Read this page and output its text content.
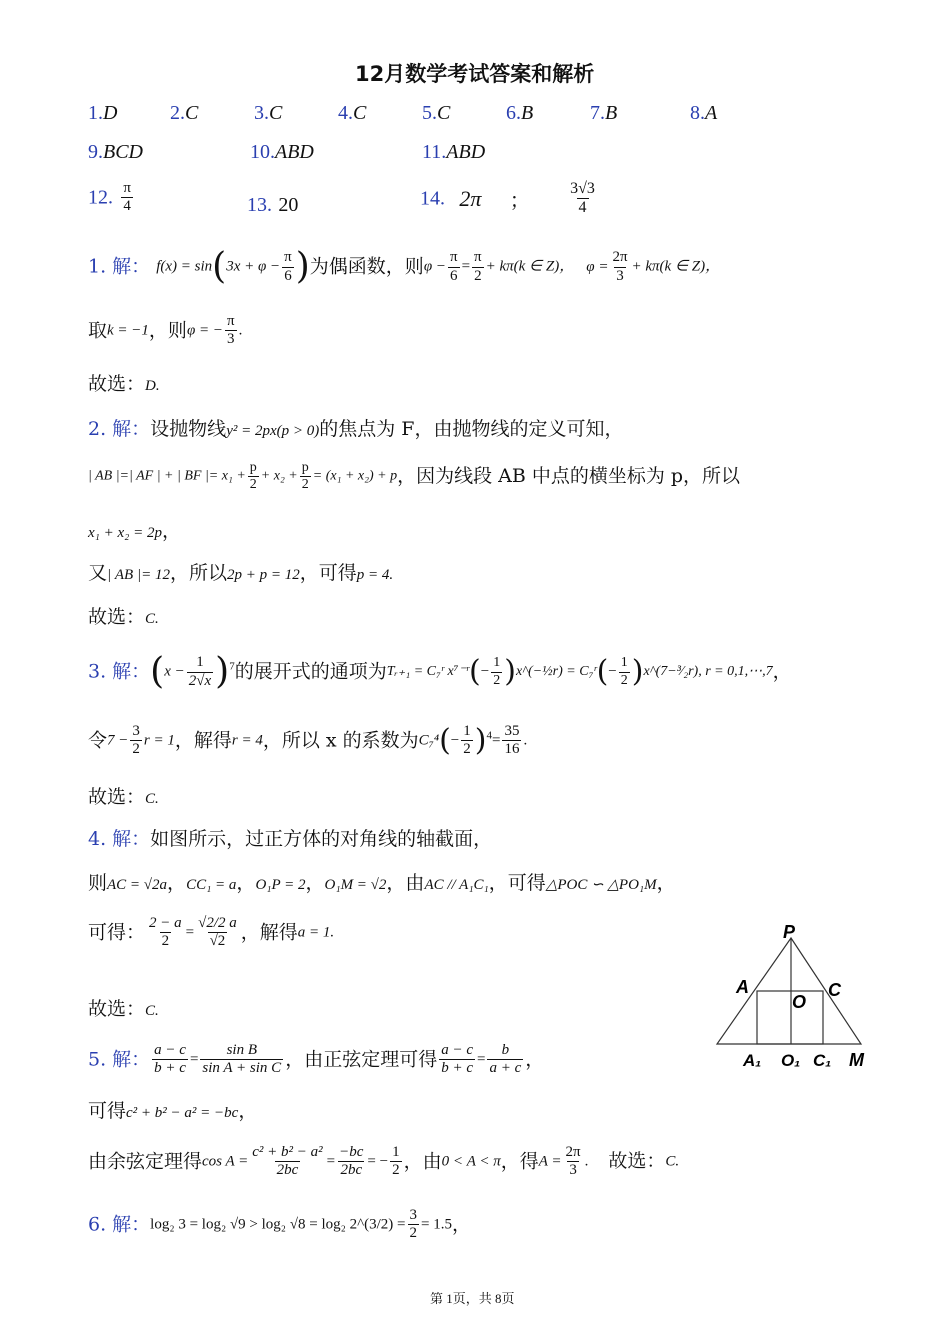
12月数学考试答案和解析
1.D	2.C	3.C	4.C	5.C	6.B	7.B	8.A
9.BCD	10.ABD	11.ABD
12. $\frac{\pi}{4}$	13. 20	14. 2π ； $\frac{3√3}{4}$
1. 解： $f(x) = \sin(3x + \varphi - \frac{\pi}{6}$ )为偶函数，则$\varphi - \frac{\pi}{6} = \frac{\pi}{2} + k\pi(k$ ∈ Z)， $\varphi = \frac{2\pi}{3} + k\pi(k$ ∈ Z)，
取k = −1，则φ = − $\frac{\pi}{3}$ .
故选：D.
2. 解：设抛物线y² = 2px(p > 0)的焦点为 F，由抛物线的定义可知，
| AB |=| AF | + | BF |= $x_1 + \frac{p}{2} + x_2 + \frac{p}{2} = (x_1 + x_2) + p$，因为线段 AB 中点的横坐标为 p，所以
x₁ + x₂ = 2p，
又| AB |= 12，所以2p + p = 12，可得p = 4.
故选：C.
3. 解：$(x - \frac{1}{2√x} )^7$的展开式的通项为Tᵣ₊₁ = C₇ʳ x⁷⁻ʳ(− $\frac{1}{2}$ )x^(−½r) = C₇ʳ(− $\frac{1}{2}$ )x^(7−³⁄₂r), r = 0,1,⋯,7，
令$7 - \frac{3}{2}$ r = 1，解得r = 4，所以 x 的系数为$C_7^4(- \frac{1}{2} )^4= \frac{35}{16}$ .
故选：C.
4. 解：如图所示，过正方体的对角线的轴截面，
则AC = √2a，CC₁ = a，O₁P = 2，O₁M = √2，由AC // A₁C₁，可得△POC ∽ △PO₁M，
可得： $\frac{2 - a}{2} = \frac{√2/2 a}{√2}$ ，解得a = 1.
故选：C.
P
A
O
C
A₁ O₁ C₁ M
5. 解： $\frac{a - c}{b + c} = \frac{\text{sin B}}{\text{sin A + sin C}}$ ，由正弦定理可得 $\frac{a - c}{b + c} = \frac{b}{a + c}$ ，
可得c² + b² − a² = −bc，
由余弦定理得$\cos A = \frac{\text{c² + b² − a²}}{2bc} = \frac{-bc}{2bc}$ = − $\frac{1}{2}$ ，由0 < A < π，得$A = \frac{2\pi}{3}$ . 故选：C.
6. 解：log₂ 3 = log₂ √9 > log₂ √8 = log₂ 2^(3/2) = $\frac{3}{2} = 1.5$，
第 1页，共 8页
